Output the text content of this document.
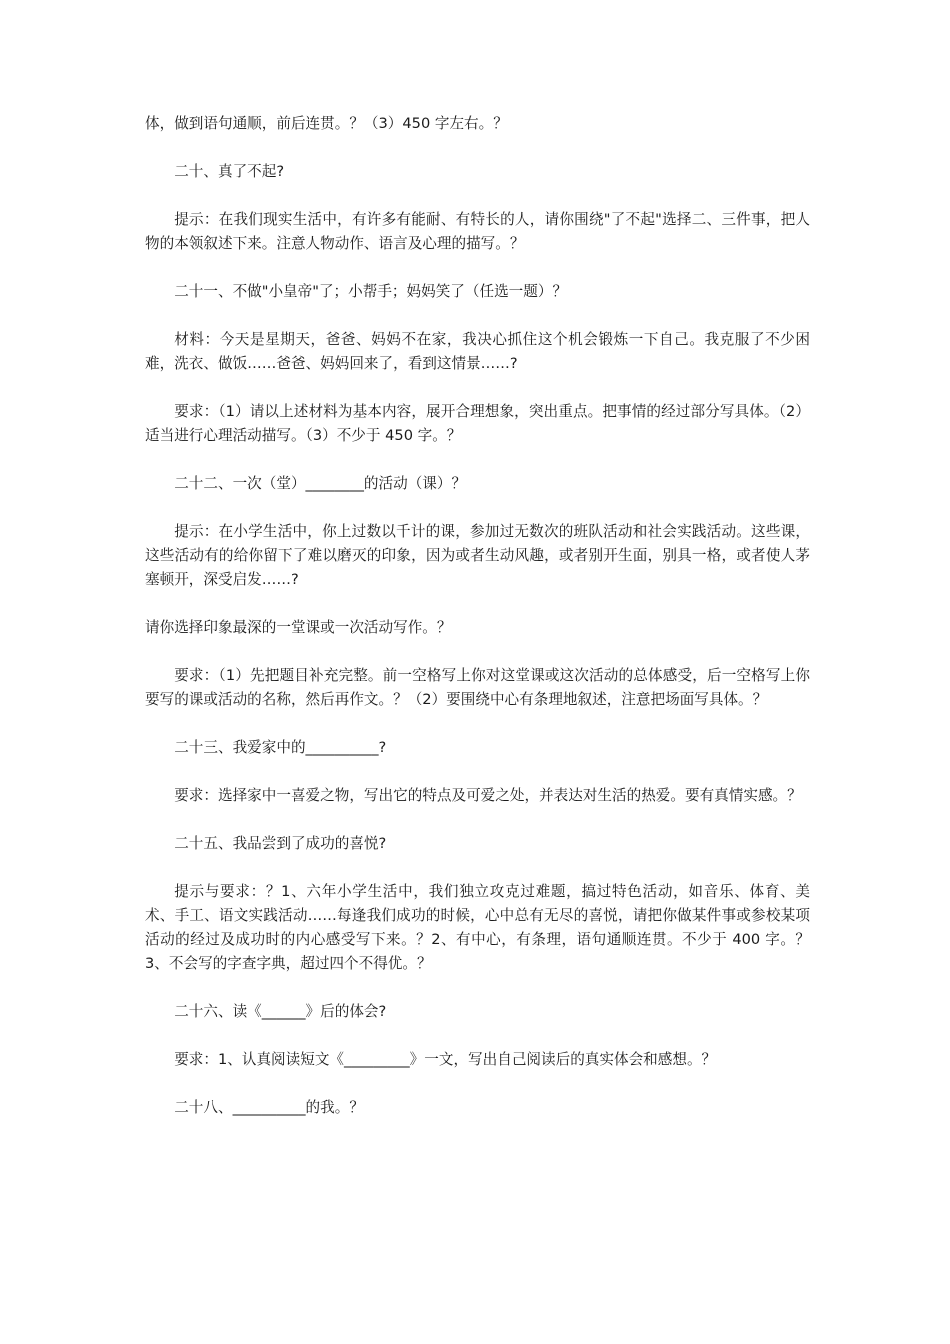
体，做到语句通顺，前后连贯。？（3）450 字左右。？

二十、真了不起?

提示：在我们现实生活中，有许多有能耐、有特长的人，请你围绕"了不起"选择二、三件事，把人物的本领叙述下来。注意人物动作、语言及心理的描写。？

二十一、不做"小皇帝"了；小帮手；妈妈笑了（任选一题）？

材料：今天是星期天，爸爸、妈妈不在家，我决心抓住这个机会锻炼一下自己。我克服了不少困难，洗衣、做饭……爸爸、妈妈回来了，看到这情景……?

要求：（1）请以上述材料为基本内容，展开合理想象，突出重点。把事情的经过部分写具体。（2）适当进行心理活动描写。（3）不少于 450 字。？

二十二、一次（堂）________的活动（课）？

提示：在小学生活中，你上过数以千计的课，参加过无数次的班队活动和社会实践活动。这些课，这些活动有的给你留下了难以磨灭的印象，因为或者生动风趣，或者别开生面，别具一格，或者使人茅塞顿开，深受启发……?

请你选择印象最深的一堂课或一次活动写作。？

要求：（1）先把题目补充完整。前一空格写上你对这堂课或这次活动的总体感受，后一空格写上你要写的课或活动的名称，然后再作文。？（2）要围绕中心有条理地叙述，注意把场面写具体。？

二十三、我爱家中的__________?

要求：选择家中一喜爱之物，写出它的特点及可爱之处，并表达对生活的热爱。要有真情实感。？

二十五、我品尝到了成功的喜悦?

提示与要求：？1、六年小学生活中，我们独立攻克过难题，搞过特色活动，如音乐、体育、美术、手工、语文实践活动……每逢我们成功的时候，心中总有无尽的喜悦，请把你做某件事或参校某项活动的经过及成功时的内心感受写下来。？2、有中心，有条理，语句通顺连贯。不少于 400 字。？3、不会写的字查字典，超过四个不得优。？

二十六、读《______》后的体会?

要求：1、认真阅读短文《_________》一文，写出自己阅读后的真实体会和感想。？

二十八、__________的我。？
